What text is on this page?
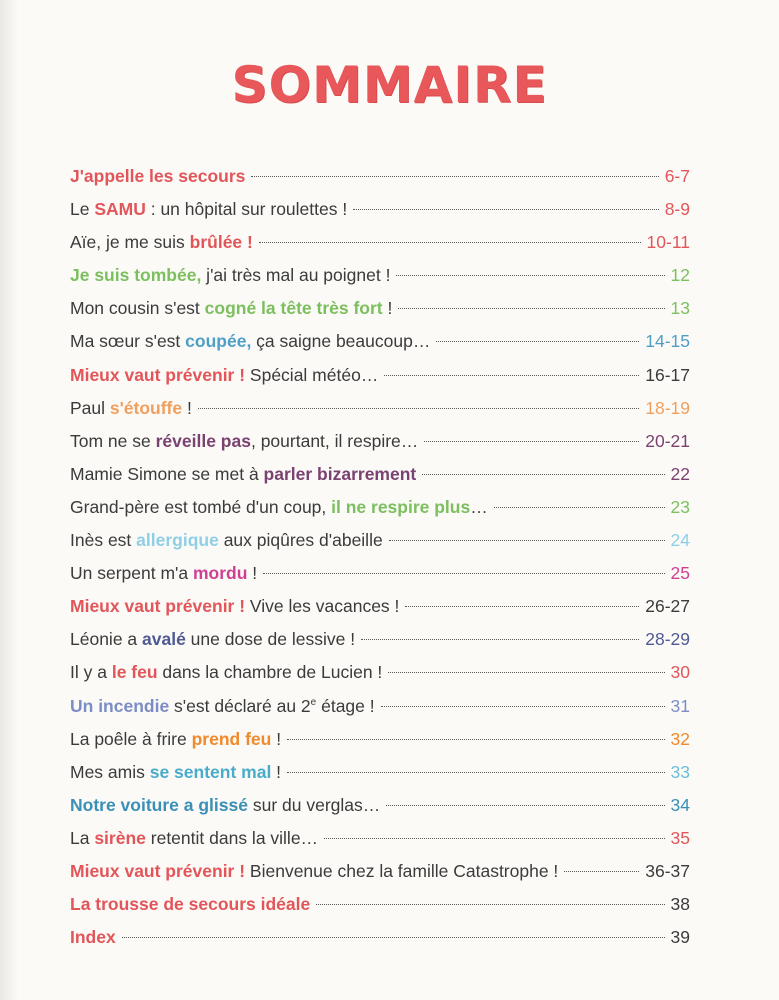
SOMMAIRE
J'appelle les secours	6-7
Le SAMU : un hôpital sur roulettes !	8-9
Aïe, je me suis brûlée !	10-11
Je suis tombée, j'ai très mal au poignet !	12
Mon cousin s'est cogné la tête très fort !	13
Ma sœur s'est coupée, ça saigne beaucoup…	14-15
Mieux vaut prévenir ! Spécial météo…	16-17
Paul s'étouffe !	18-19
Tom ne se réveille pas, pourtant, il respire…	20-21
Mamie Simone se met à parler bizarrement	22
Grand-père est tombé d'un coup, il ne respire plus…	23
Inès est allergique aux piqûres d'abeille	24
Un serpent m'a mordu !	25
Mieux vaut prévenir ! Vive les vacances !	26-27
Léonie a avalé une dose de lessive !	28-29
Il y a le feu dans la chambre de Lucien !	30
Un incendie s'est déclaré au 2e étage !	31
La poêle à frire prend feu !	32
Mes amis se sentent mal !	33
Notre voiture a glissé sur du verglas…	34
La sirène retentit dans la ville…	35
Mieux vaut prévenir ! Bienvenue chez la famille Catastrophe !	36-37
La trousse de secours idéale	38
Index	39
